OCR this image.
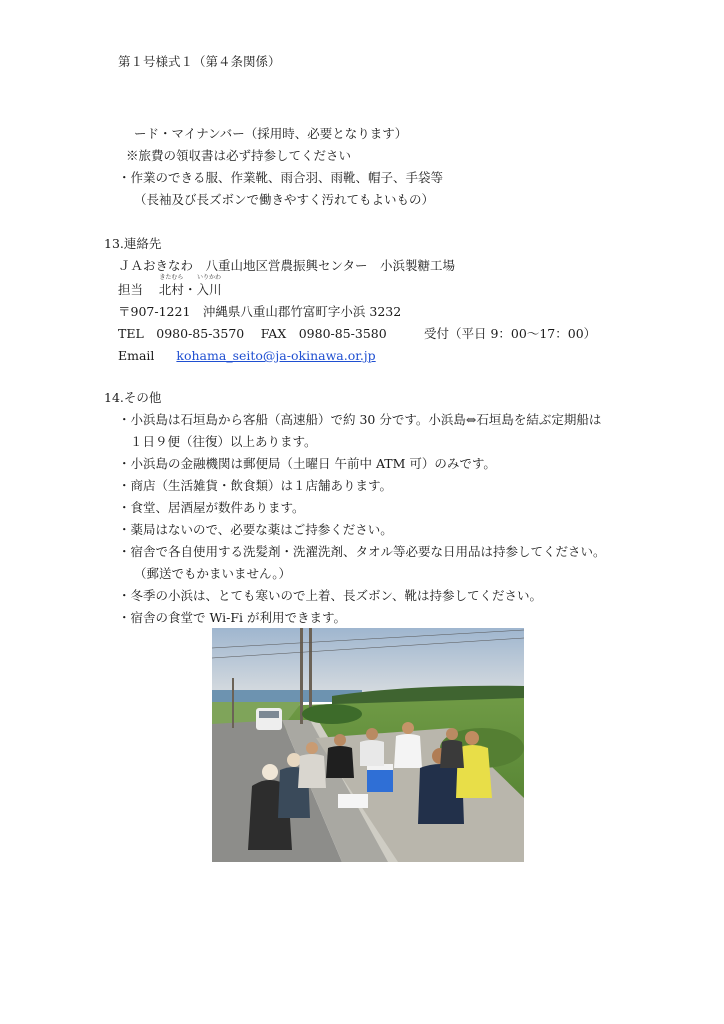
第１号様式１（第４条関係）
ード・マイナンバー（採用時、必要となります）
※旅費の領収書は必ず持参してください
・作業のできる服、作業靴、雨合羽、雨靴、帽子、手袋等
（長袖及び長ズボンで働きやすく汚れてもよいもの）
13.連絡先
ＪＡおきなわ　八重山地区営農振興センター　小浜製糖工場
担当
きたむら
北村・
いりかわ
入川
〒907-1221　沖縄県八重山郡竹富町字小浜 3232
TEL　0980-85-3570　 FAX　0980-85-3580	受付（平日 9：00～17：00）
Email kohama_seito@ja-okinawa.or.jp
14.その他
・小浜島は石垣島から客船（高速船）で約 30 分です。小浜島⇔石垣島を結ぶ定期船は
１日９便（往復）以上あります。
・小浜島の金融機関は郵便局（土曜日 午前中 ATM 可）のみです。
・商店（生活雑貨・飲食類）は１店舗あります。
・食堂、居酒屋が数件あります。
・薬局はないので、必要な薬はご持参ください。
・宿舎で各自使用する洗髪剤・洗濯洗剤、タオル等必要な日用品は持参してください。
（郵送でもかまいません。）
・冬季の小浜は、とても寒いので上着、長ズボン、靴は持参してください。
・宿舎の食堂で Wi-Fi が利用できます。
